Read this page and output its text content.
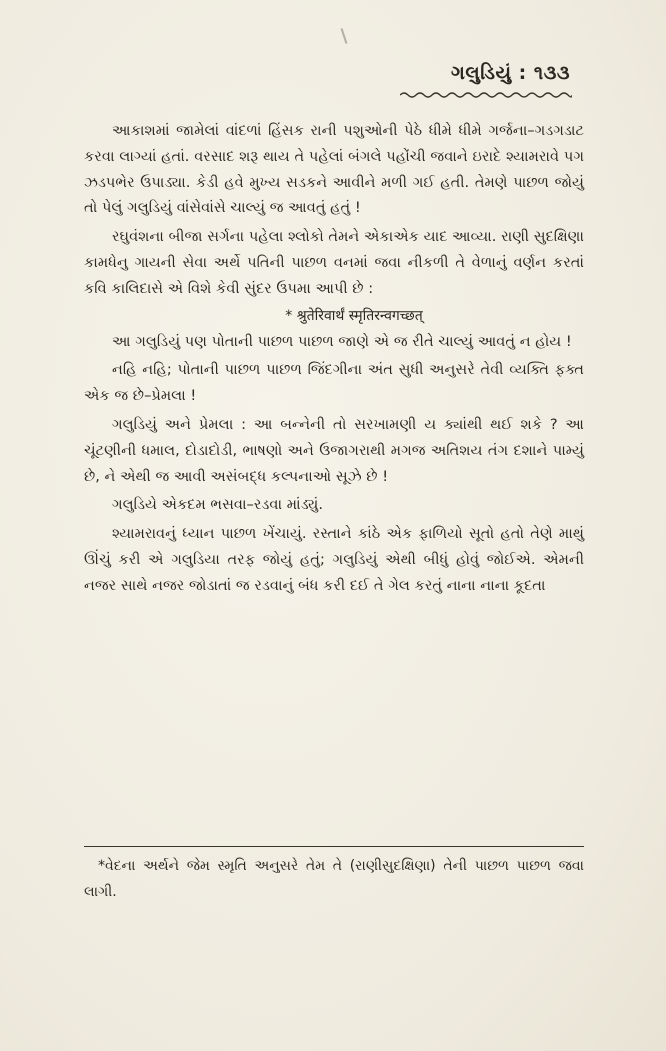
ગલુડિયું : ૧૩૩

આકાશમાં જામેલાં વાંદળાં હિંસક રાની પશુઓની પેઠે ધીમે ધીમે ગર્જના–ગડગડાટ કરવા લાગ્યાં હતાં. વરસાદ શરૂ થાય તે પહેલાં બંગલે પહોંચી જવાને ઇરાદે શ્યામરાવે પગ ઝડપભેર ઉપાડ્યા. કેડી હવે મુખ્ય સડકને આવીને મળી ગઈ હતી. તેમણે પાછળ જોયું તો પેલું ગલુડિયું વાંસેવાંસે ચાલ્યું જ આવતું હતું !

રઘુવંશના બીજા સર્ગના પહેલા શ્લોકો તેમને એકાએક યાદ આવ્યા. રાણી સુદક્ષિણા કામધેનુ ગાયની સેવા અર્થે પતિની પાછળ વનમાં જવા નીકળી તે વેળાનું વર્ણન કરતાં કવિ કાલિદાસે એ વિશે કેવી સુંદર ઉપમા આપી છે :

* श्रुतेरिवार्थं स्मृतिरन्वगच्छत्

આ ગલુડિયું પણ પોતાની પાછળ પાછળ જાણે એ જ રીતે ચાલ્યું આવતું ન હોય !

નહિ નહિ; પોતાની પાછળ પાછળ જિંદગીના અંત સુધી અનુસરે તેવી વ્યક્તિ ફક્ત એક જ છે–પ્રેમલા !

ગલુડિયું અને પ્રેમલા : આ બન્નેની તો સરખામણી ય ક્યાંથી થઈ શકે ? આ ચૂંટણીની ધમાલ, દોડાદોડી, ભાષણો અને ઉજાગરાથી મગજ અતિશય તંગ દશાને પામ્યું છે, ને એથી જ આવી અસંબદ્ધ કલ્પનાઓ સૂઝે છે !

ગલુડિયે એકદમ ભસવા–રડવા માંડ્યું.

શ્યામરાવનું ધ્યાન પાછળ ખેંચાયું. રસ્તાને કાંઠે એક ફાળિયો સૂતો હતો તેણે માથું ઊંચું કરી એ ગલુડિયા તરફ જોયું હતું; ગલુડિયું એથી બીધું હોવું જોઈએ. એમની નજર સાથે નજર જોડાતાં જ રડવાનું બંધ કરી દઈ તે ગેલ કરતું નાના નાના કૂદતા

*વેદના અર્થને જેમ સ્મૃતિ અનુસરે તેમ તે (રાણીસુદક્ષિણા) તેની પાછળ પાછળ જવા લાગી.
